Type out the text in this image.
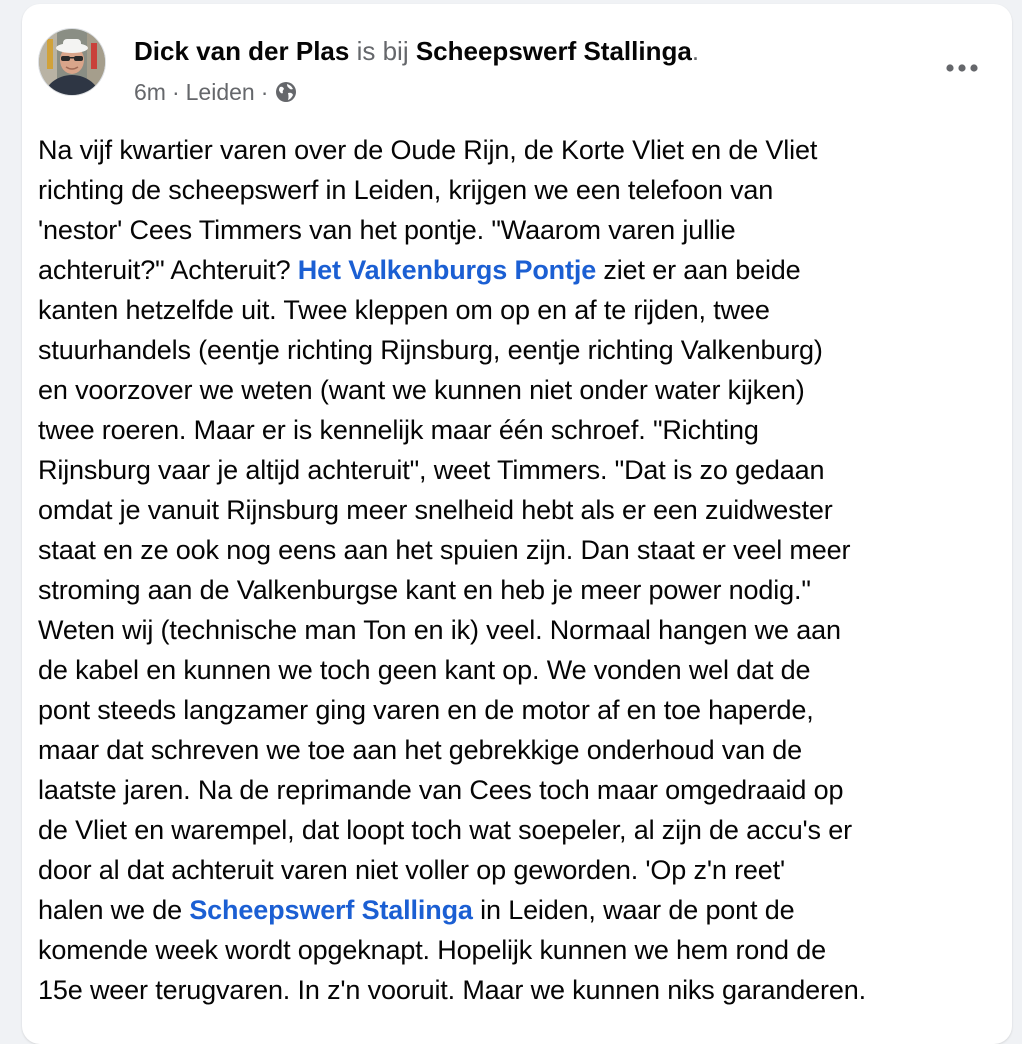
Dick van der Plas is bij Scheepswerf Stallinga.
6m · Leiden ·
Na vijf kwartier varen over de Oude Rijn, de Korte Vliet en de Vliet
richting de scheepswerf in Leiden, krijgen we een telefoon van
'nestor' Cees Timmers van het pontje. "Waarom varen jullie
achteruit?" Achteruit? Het Valkenburgs Pontje ziet er aan beide
kanten hetzelfde uit. Twee kleppen om op en af te rijden, twee
stuurhandels (eentje richting Rijnsburg, eentje richting Valkenburg)
en voorzover we weten (want we kunnen niet onder water kijken)
twee roeren. Maar er is kennelijk maar één schroef. "Richting
Rijnsburg vaar je altijd achteruit", weet Timmers. "Dat is zo gedaan
omdat je vanuit Rijnsburg meer snelheid hebt als er een zuidwester
staat en ze ook nog eens aan het spuien zijn. Dan staat er veel meer
stroming aan de Valkenburgse kant en heb je meer power nodig."
Weten wij (technische man Ton en ik) veel. Normaal hangen we aan
de kabel en kunnen we toch geen kant op. We vonden wel dat de
pont steeds langzamer ging varen en de motor af en toe haperde,
maar dat schreven we toe aan het gebrekkige onderhoud van de
laatste jaren. Na de reprimande van Cees toch maar omgedraaid op
de Vliet en warempel, dat loopt toch wat soepeler, al zijn de accu's er
door al dat achteruit varen niet voller op geworden. 'Op z'n reet'
halen we de Scheepswerf Stallinga in Leiden, waar de pont de
komende week wordt opgeknapt. Hopelijk kunnen we hem rond de
15e weer terugvaren. In z'n vooruit. Maar we kunnen niks garanderen.
